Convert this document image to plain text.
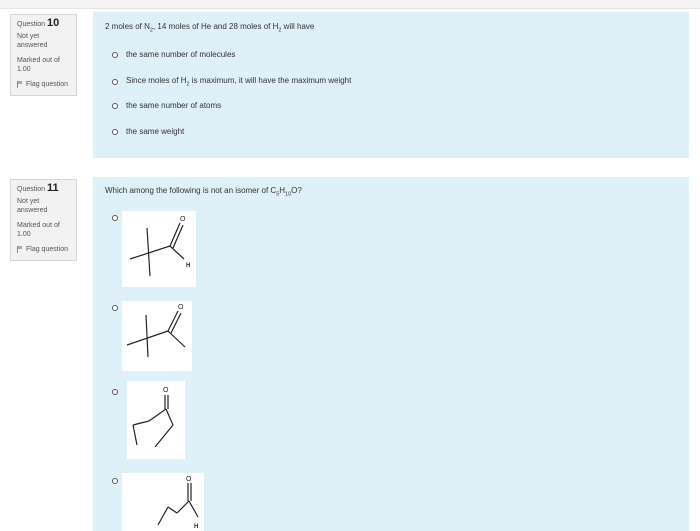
Question 10
Not yet answered
Marked out of 1.00
Flag question
2 moles of $N_2$, 14 moles of He and 28 moles of $H_2$ will have
the same number of molecules
Since moles of $H_2$ is maximum, it will have the maximum weight
the same number of atoms
the same weight
Question 11
Not yet answered
Marked out of 1.00
Flag question
Which among the following is not an isomer of $C_5H_{10}O$?
O
H
O
O
O
H
